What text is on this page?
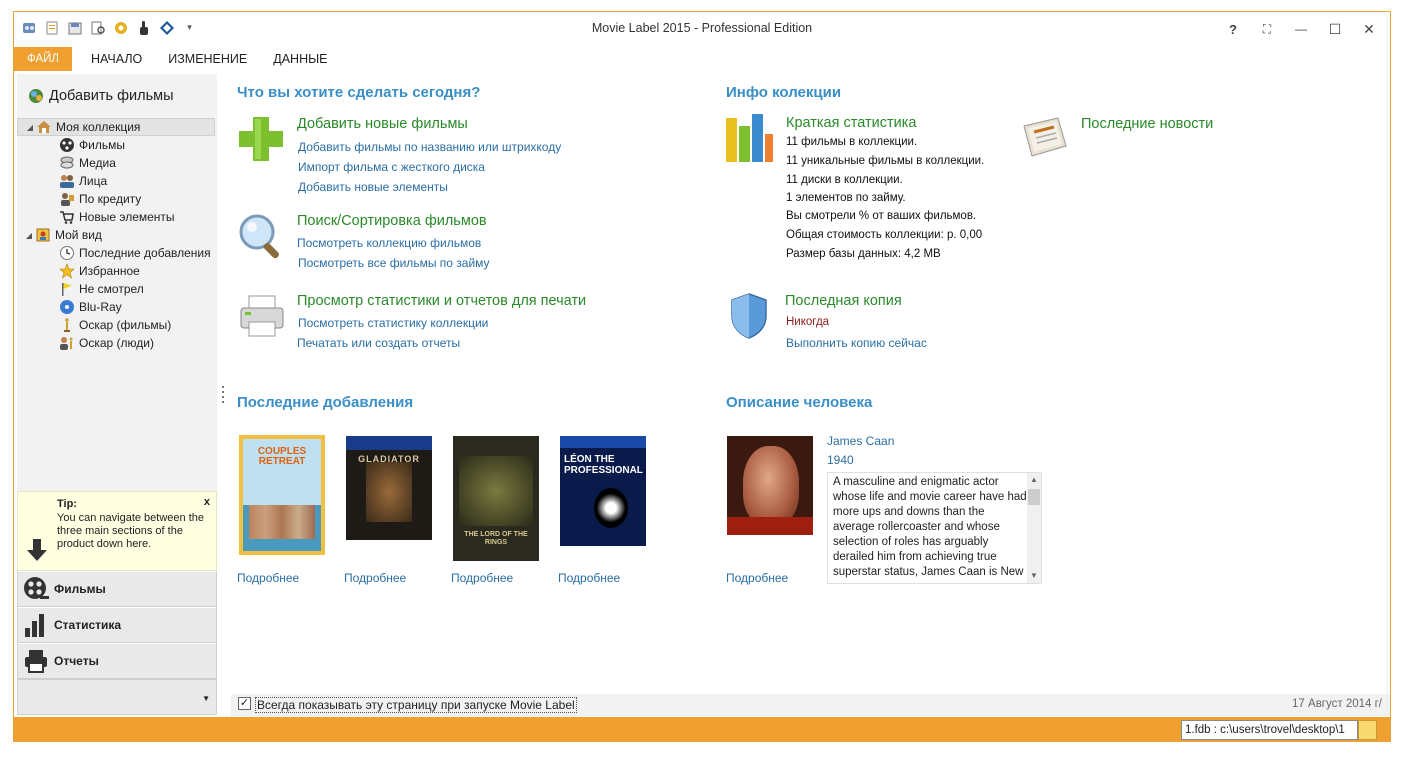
▾	Movie Label 2015 - Professional Edition	?	⛶	—	☐	✕
ФАЙЛ	НАЧАЛО	ИЗМЕНЕНИЕ	ДАННЫЕ
Добавить фильмы
◢ Моя коллекция
Фильмы
Медиа
Лица
По кредиту
Новые элементы
◢ Мой вид
Последние добавления
Избранное
Не смотрел
Blu-Ray
Оскар (фильмы)
Оскар (люди)
Tip:	x
You can navigate between the three main sections of the product down here.
Фильмы
Статистика
Отчеты
▼
Что вы хотите сделать сегодня?
Добавить новые фильмы
Добавить фильмы по названию или штрихкоду
Импорт фильма с жесткого диска
Добавить новые элементы
Поиск/Сортировка фильмов
Посмотреть коллекцию фильмов
Посмотреть все фильмы по займу
Просмотр статистики и отчетов для печати
Посмотреть статистику коллекции
Печатать или создать отчеты
Инфо колекции
Краткая статистика
11 фильмы в коллекции.
11 уникальные фильмы в коллекции.
11 диски в коллекции.
1 элементов по займу.
Вы смотрели % от ваших фильмов.
Общая стоимость коллекции: р. 0,00
Размер базы данных: 4,2 MB
Последние новости
Последная копия
Никогда
Выполнить копию сейчас
Последние добавления
COUPLES RETREAT	GLADIATOR
THE LORD OF THE RINGS
LÉON THE PROFESSIONAL
Подробнее	Подробнее	Подробнее	Подробнее
Описание человека
James Caan
1940
A masculine and enigmatic actor whose life and movie career have had more ups and downs than the average rollercoaster and whose selection of roles has arguably derailed him from achieving true superstar status, James Caan is New
▲
▼
Подробнее
✓ Всегда показывать эту страницу при запуске Movie Label	17 Август 2014 г/
1.fdb : c:\users\trovel\desktop\1
